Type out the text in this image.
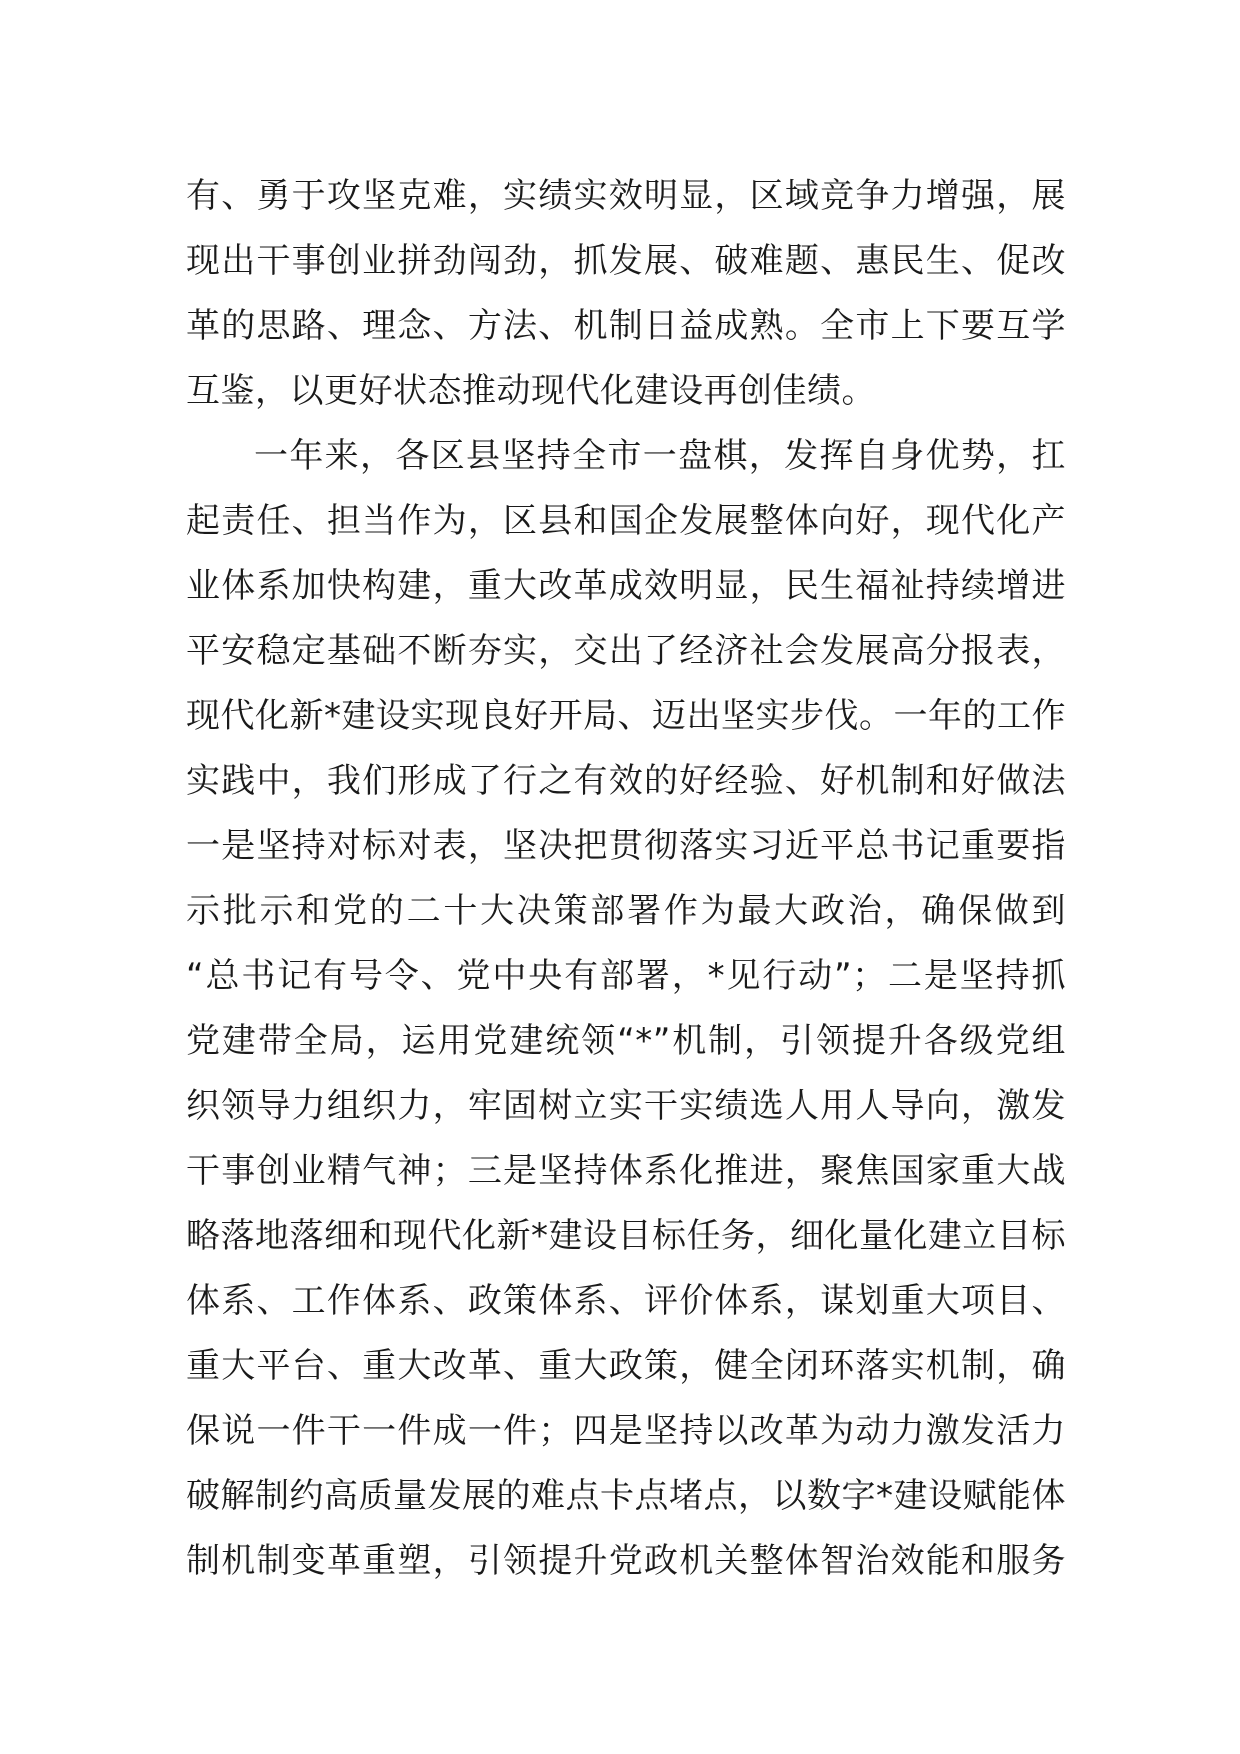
有、勇于攻坚克难，实绩实效明显，区域竞争力增强，展
现出干事创业拼劲闯劲，抓发展、破难题、惠民生、促改
革的思路、理念、方法、机制日益成熟。全市上下要互学
互鉴，以更好状态推动现代化建设再创佳绩。
一年来，各区县坚持全市一盘棋，发挥自身优势，扛
起责任、担当作为，区县和国企发展整体向好，现代化产
业体系加快构建，重大改革成效明显，民生福祉持续增进
平安稳定基础不断夯实，交出了经济社会发展高分报表，
现代化新*建设实现良好开局、迈出坚实步伐。一年的工作
实践中，我们形成了行之有效的好经验、好机制和好做法
一是坚持对标对表，坚决把贯彻落实习近平总书记重要指
示批示和党的二十大决策部署作为最大政治，确保做到
“总书记有号令、党中央有部署，*见行动”；二是坚持抓
党建带全局，运用党建统领“*”机制，引领提升各级党组
织领导力组织力，牢固树立实干实绩选人用人导向，激发
干事创业精气神；三是坚持体系化推进，聚焦国家重大战
略落地落细和现代化新*建设目标任务，细化量化建立目标
体系、工作体系、政策体系、评价体系，谋划重大项目、
重大平台、重大改革、重大政策，健全闭环落实机制，确
保说一件干一件成一件；四是坚持以改革为动力激发活力
破解制约高质量发展的难点卡点堵点，以数字*建设赋能体
制机制变革重塑，引领提升党政机关整体智治效能和服务
